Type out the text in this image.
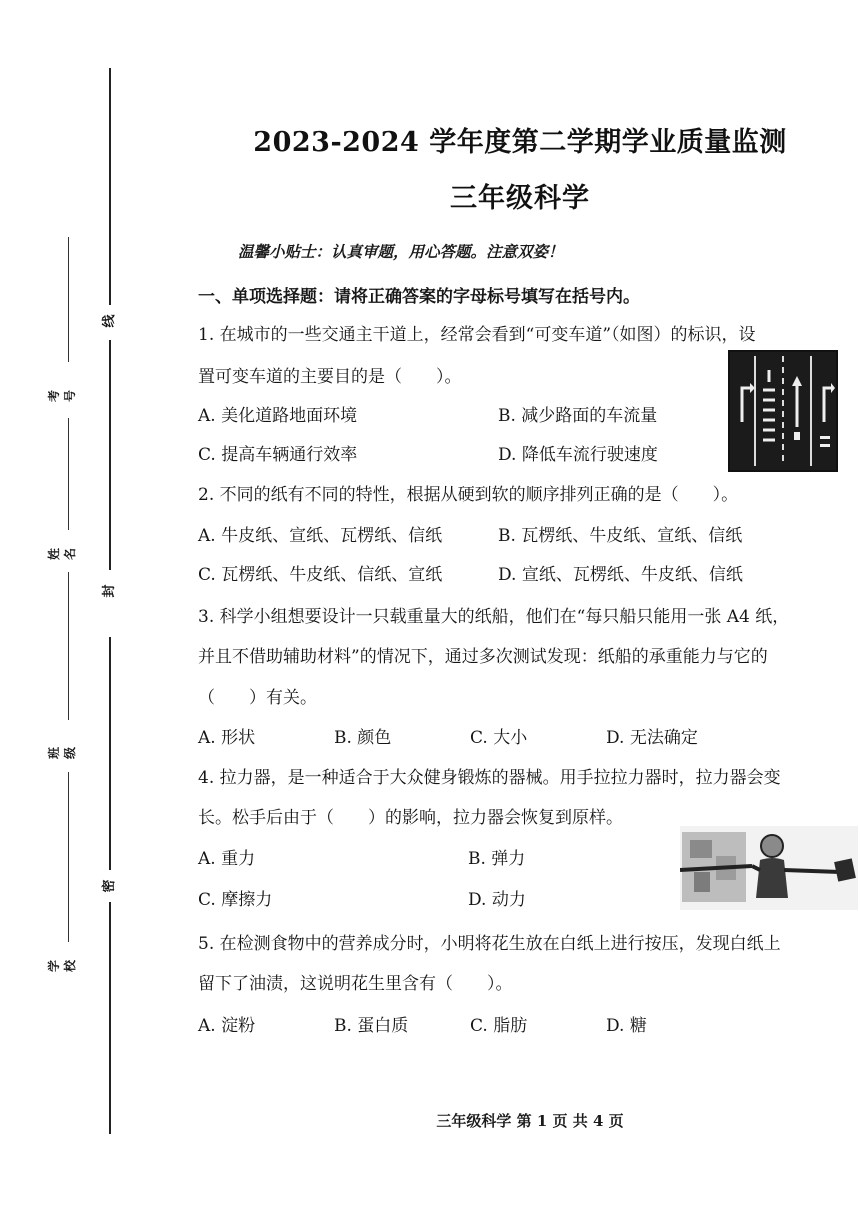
线
封
密
考号
姓名
班级
学校
2023-2024 学年度第二学期学业质量监测
三年级科学
温馨小贴士：认真审题，用心答题。注意双姿！
一、单项选择题：请将正确答案的字母标号填写在括号内。
1. 在城市的一些交通主干道上，经常会看到“可变车道”（如图）的标识，设
置可变车道的主要目的是（　　）。
A. 美化道路地面环境	B. 减少路面的车流量
C. 提高车辆通行效率	D. 降低车流行驶速度
2. 不同的纸有不同的特性，根据从硬到软的顺序排列正确的是（　　）。
A. 牛皮纸、宣纸、瓦楞纸、信纸	B. 瓦楞纸、牛皮纸、宣纸、信纸
C. 瓦楞纸、牛皮纸、信纸、宣纸	D. 宣纸、瓦楞纸、牛皮纸、信纸
3. 科学小组想要设计一只载重量大的纸船，他们在“每只船只能用一张 A4 纸，
并且不借助辅助材料”的情况下，通过多次测试发现：纸船的承重能力与它的
（　　）有关。
A. 形状	B. 颜色	C. 大小	D. 无法确定
4. 拉力器，是一种适合于大众健身锻炼的器械。用手拉拉力器时，拉力器会变
长。松手后由于（　　）的影响，拉力器会恢复到原样。
A. 重力	B. 弹力
C. 摩擦力	D. 动力
5. 在检测食物中的营养成分时，小明将花生放在白纸上进行按压，发现白纸上
留下了油渍，这说明花生里含有（　　）。
A. 淀粉	B. 蛋白质	C. 脂肪	D. 糖
三年级科学 第 1 页 共 4 页
